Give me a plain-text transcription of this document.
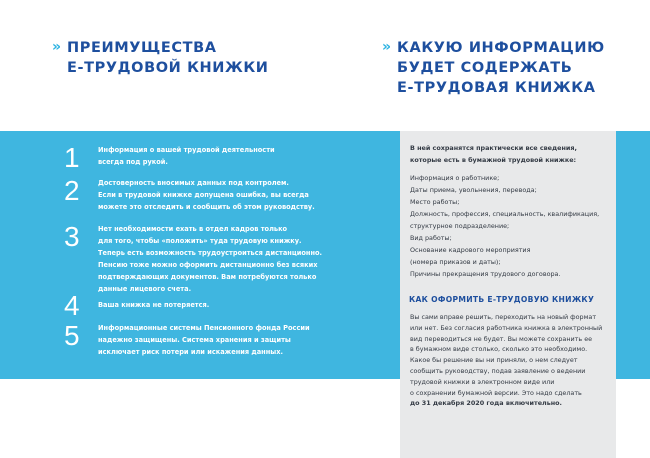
» ПРЕИМУЩЕСТВА
Е-ТРУДОВОЙ КНИЖКИ
» КАКУЮ ИНФОРМАЦИЮ
БУДЕТ СОДЕРЖАТЬ
Е-ТРУДОВАЯ КНИЖКА
1	Информация о вашей трудовой деятельности
всегда под рукой.
2	Достоверность вносимых данных под контролем.
Если в трудовой книжке допущена ошибка, вы всегда
можете это отследить и сообщить об этом руководству.
3	Нет необходимости ехать в отдел кадров только
для того, чтобы «положить» туда трудовую книжку.
Теперь есть возможность трудоустроиться дистанционно.
Пенсию тоже можно оформить дистанционно без всяких
подтверждающих документов. Вам потребуются только
данные лицевого счета.
4	Ваша книжка не потеряется.
5	Информационные системы Пенсионного фонда России
надежно защищены. Система хранения и защиты
исключает риск потери или искажения данных.
В ней сохранятся практически все сведения,
которые есть в бумажной трудовой книжке:
Информация о работнике;
Даты приема, увольнения, перевода;
Место работы;
Должность, профессия, специальность, квалификация,
структурное подразделение;
Вид работы;
Основание кадрового мероприятия
(номера приказов и даты);
Причины прекращения трудового договора.
КАК ОФОРМИТЬ Е-ТРУДОВУЮ КНИЖКУ
Вы сами вправе решить, переходить на новый формат
или нет. Без согласия работника книжка в электронный
вид переводиться не будет. Вы можете сохранить ее
в бумажном виде столько, сколько это необходимо.
Какое бы решение вы ни приняли, о нем следует
сообщить руководству, подав заявление о ведении
трудовой книжки в электронном виде или
о сохранении бумажной версии. Это надо сделать
до 31 декабря 2020 года включительно.
